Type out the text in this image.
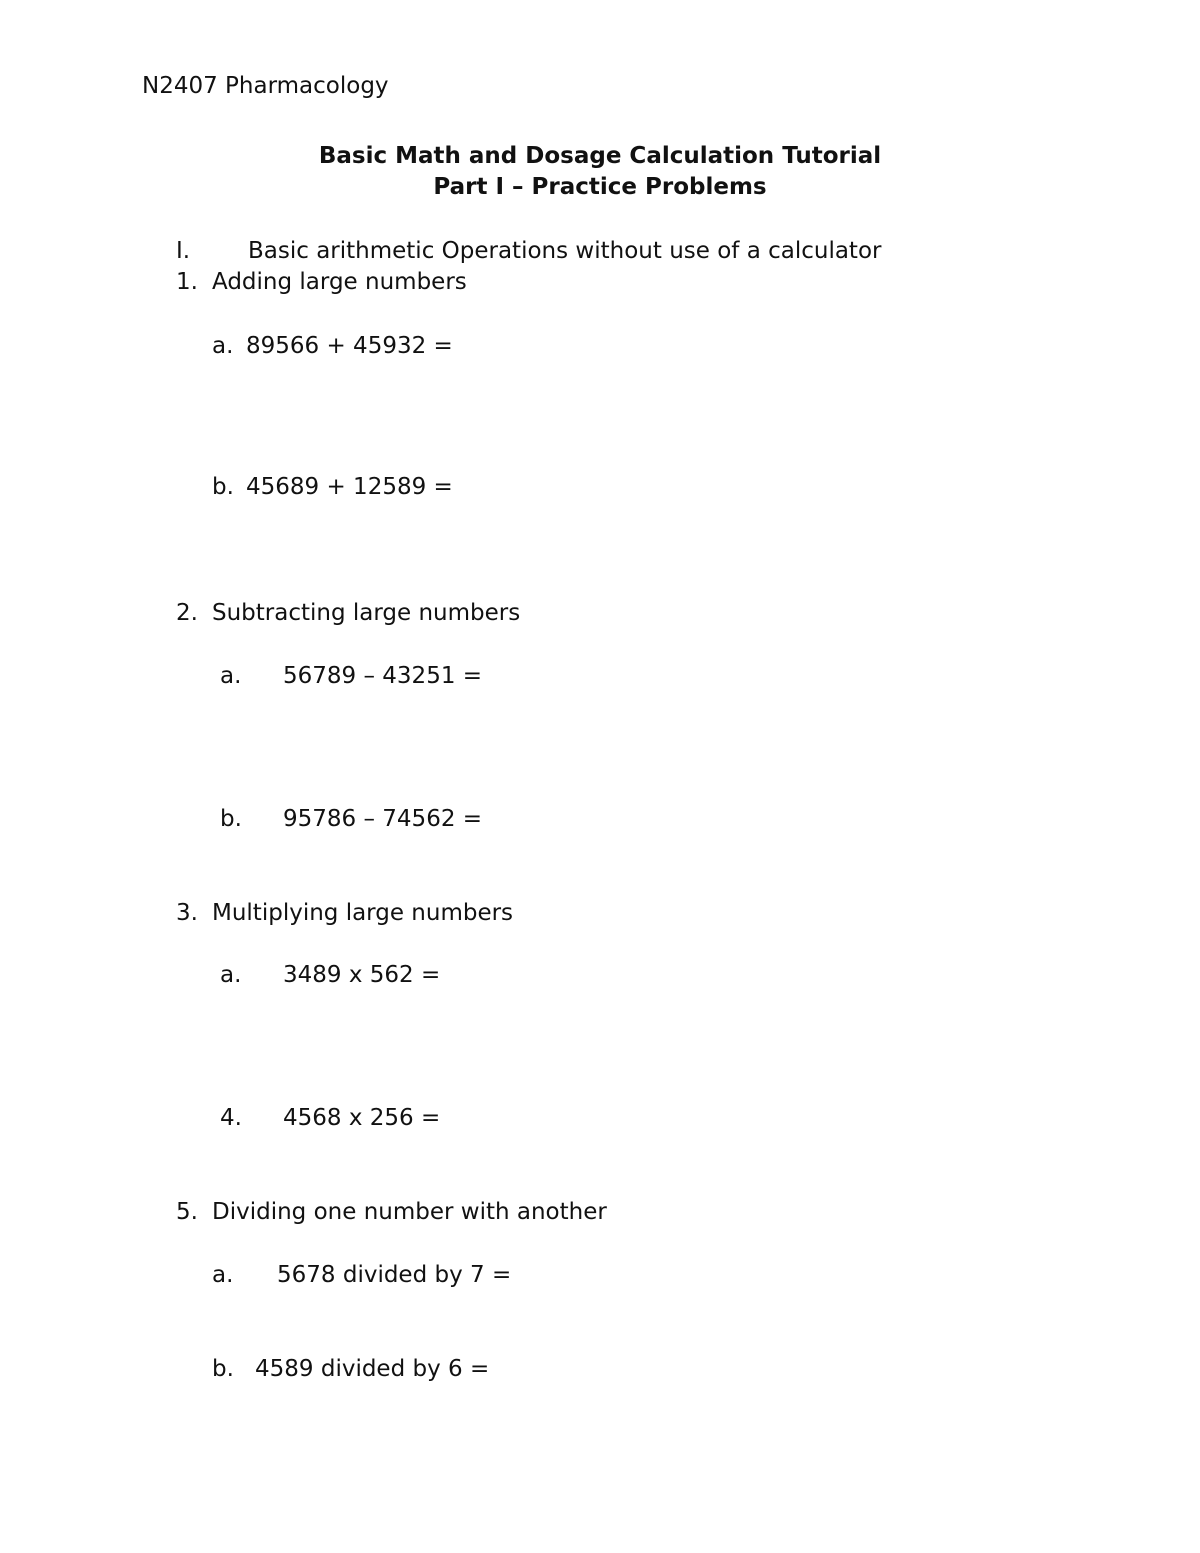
N2407 Pharmacology
Basic Math and Dosage Calculation Tutorial
Part I – Practice Problems
I.	Basic arithmetic Operations without use of a calculator
1. Adding large numbers
a. 89566 + 45932 =
b. 45689 + 12589 =
2. Subtracting large numbers
a. 56789 – 43251 =
b. 95786 – 74562 =
3. Multiplying large numbers
a. 3489 x 562 =
4. 4568 x 256 =
5. Dividing one number with another
a. 5678 divided by 7 =
b. 4589 divided by 6 =
